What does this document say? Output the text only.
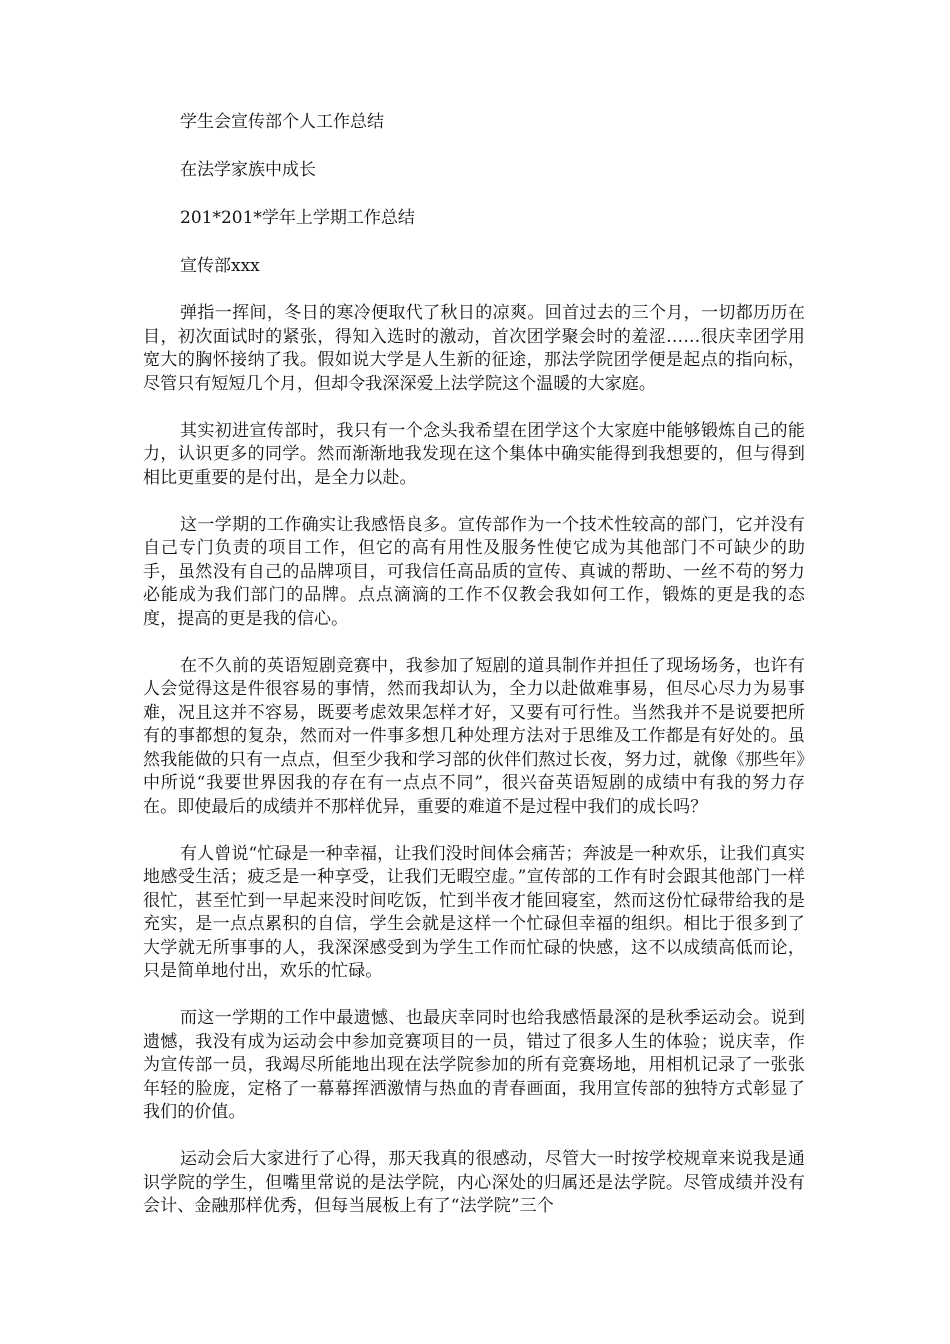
学生会宣传部个人工作总结

在法学家族中成长

201*201*学年上学期工作总结

宣传部xxx

弹指一挥间，冬日的寒冷便取代了秋日的凉爽。回首过去的三个月，一切都历历在目，初次面试时的紧张，得知入选时的激动，首次团学聚会时的羞涩……很庆幸团学用宽大的胸怀接纳了我。假如说大学是人生新的征途，那法学院团学便是起点的指向标，尽管只有短短几个月，但却令我深深爱上法学院这个温暖的大家庭。

其实初进宣传部时，我只有一个念头我希望在团学这个大家庭中能够锻炼自己的能力，认识更多的同学。然而渐渐地我发现在这个集体中确实能得到我想要的，但与得到相比更重要的是付出，是全力以赴。

这一学期的工作确实让我感悟良多。宣传部作为一个技术性较高的部门，它并没有自己专门负责的项目工作，但它的高有用性及服务性使它成为其他部门不可缺少的助手，虽然没有自己的品牌项目，可我信任高品质的宣传、真诚的帮助、一丝不苟的努力必能成为我们部门的品牌。点点滴滴的工作不仅教会我如何工作，锻炼的更是我的态度，提高的更是我的信心。

在不久前的英语短剧竞赛中，我参加了短剧的道具制作并担任了现场场务，也许有人会觉得这是件很容易的事情，然而我却认为，全力以赴做难事易，但尽心尽力为易事难，况且这并不容易，既要考虑效果怎样才好，又要有可行性。当然我并不是说要把所有的事都想的复杂，然而对一件事多想几种处理方法对于思维及工作都是有好处的。虽然我能做的只有一点点，但至少我和学习部的伙伴们熬过长夜，努力过，就像《那些年》中所说“我要世界因我的存在有一点点不同”，很兴奋英语短剧的成绩中有我的努力存在。即使最后的成绩并不那样优异，重要的难道不是过程中我们的成长吗？

有人曾说“忙碌是一种幸福，让我们没时间体会痛苦；奔波是一种欢乐，让我们真实地感受生活；疲乏是一种享受，让我们无暇空虚。”宣传部的工作有时会跟其他部门一样很忙，甚至忙到一早起来没时间吃饭，忙到半夜才能回寝室，然而这份忙碌带给我的是充实，是一点点累积的自信，学生会就是这样一个忙碌但幸福的组织。相比于很多到了大学就无所事事的人，我深深感受到为学生工作而忙碌的快感，这不以成绩高低而论，只是简单地付出，欢乐的忙碌。

而这一学期的工作中最遗憾、也最庆幸同时也给我感悟最深的是秋季运动会。说到遗憾，我没有成为运动会中参加竞赛项目的一员，错过了很多人生的体验；说庆幸，作为宣传部一员，我竭尽所能地出现在法学院参加的所有竞赛场地，用相机记录了一张张年轻的脸庞，定格了一幕幕挥洒激情与热血的青春画面，我用宣传部的独特方式彰显了我们的价值。

运动会后大家进行了心得，那天我真的很感动，尽管大一时按学校规章来说我是通识学院的学生，但嘴里常说的是法学院，内心深处的归属还是法学院。尽管成绩并没有会计、金融那样优秀，但每当展板上有了“法学院”三个
